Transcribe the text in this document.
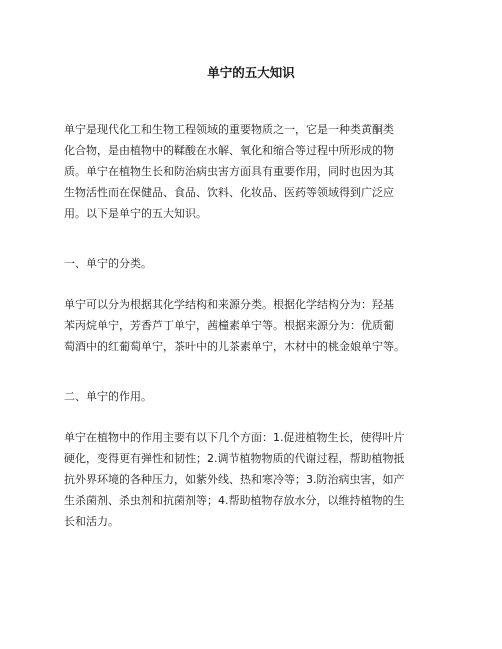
单宁的五大知识
单宁是现代化工和生物工程领域的重要物质之一，它是一种类黄酮类
化合物，是由植物中的鞣酸在水解、氧化和缩合等过程中所形成的物
质。单宁在植物生长和防治病虫害方面具有重要作用，同时也因为其
生物活性而在保健品、食品、饮料、化妆品、医药等领域得到广泛应
用。以下是单宁的五大知识。
一、单宁的分类。
单宁可以分为根据其化学结构和来源分类。根据化学结构分为：羟基
苯丙烷单宁，芳香芦丁单宁，茜橦素单宁等。根据来源分为：优质葡
萄酒中的红葡萄单宁，茶叶中的儿茶素单宁，木材中的桃金娘单宁等。
二、单宁的作用。
单宁在植物中的作用主要有以下几个方面：1.促进植物生长，使得叶片
硬化，变得更有弹性和韧性；2.调节植物物质的代谢过程，帮助植物抵
抗外界环境的各种压力，如紫外线、热和寒冷等；3.防治病虫害，如产
生杀菌剂、杀虫剂和抗菌剂等；4.帮助植物存放水分，以维持植物的生
长和活力。
